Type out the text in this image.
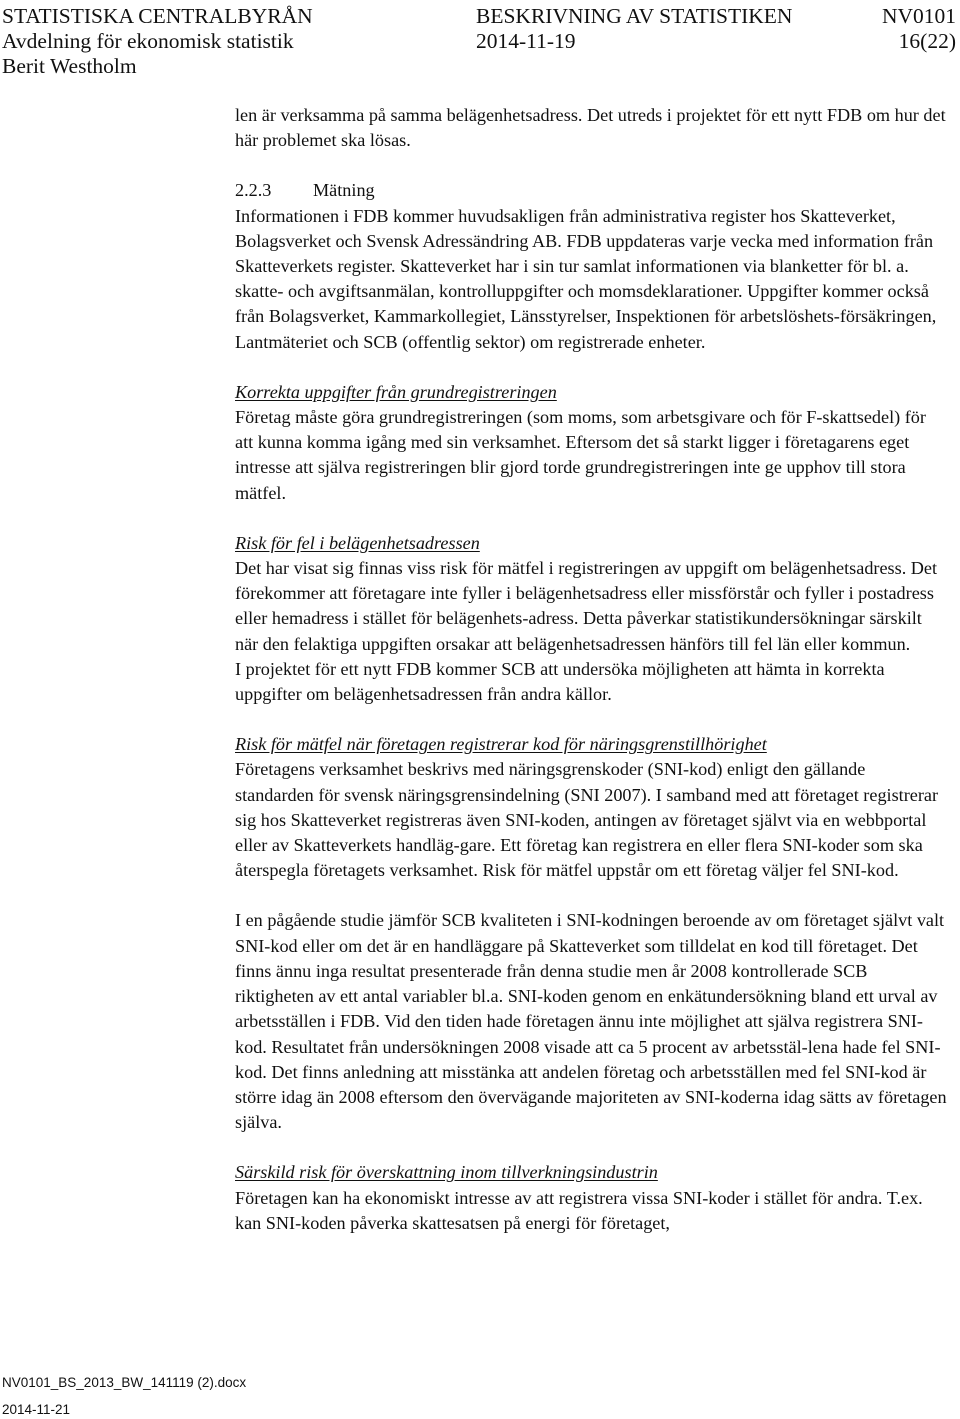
STATISTISKA CENTRALBYRÅN
Avdelning för ekonomisk statistik
Berit Westholm
BESKRIVNING AV STATISTIKEN
2014-11-19
NV0101
16(22)

len är verksamma på samma belägenhetsadress. Det utreds i projektet för ett nytt FDB om hur det här problemet ska lösas.

2.2.3 Mätning

Informationen i FDB kommer huvudsakligen från administrativa register hos Skatteverket, Bolagsverket och Svensk Adressändring AB. FDB uppdateras varje vecka med information från Skatteverkets register. Skatteverket har i sin tur samlat informationen via blanketter för bl. a. skatte- och avgiftsanmälan, kontrolluppgifter och momsdeklarationer. Uppgifter kommer också från Bolagsverket, Kammarkollegiet, Länsstyrelser, Inspektionen för arbetslöshets-försäkringen, Lantmäteriet och SCB (offentlig sektor) om registrerade enheter.

Korrekta uppgifter från grundregistreringen

Företag måste göra grundregistreringen (som moms, som arbetsgivare och för F-skattsedel) för att kunna komma igång med sin verksamhet. Eftersom det så starkt ligger i företagarens eget intresse att själva registreringen blir gjord torde grundregistreringen inte ge upphov till stora mätfel.

Risk för fel i belägenhetsadressen

Det har visat sig finnas viss risk för mätfel i registreringen av uppgift om belägenhetsadress. Det förekommer att företagare inte fyller i belägenhetsadress eller missförstår och fyller i postadress eller hemadress i stället för belägenhets-adress. Detta påverkar statistikundersökningar särskilt när den felaktiga uppgiften orsakar att belägenhetsadressen hänförs till fel län eller kommun.

I projektet för ett nytt FDB kommer SCB att undersöka möjligheten att hämta in korrekta uppgifter om belägenhetsadressen från andra källor.

Risk för mätfel när företagen registrerar kod för näringsgrenstillhörighet

Företagens verksamhet beskrivs med näringsgrenskoder (SNI-kod) enligt den gällande standarden för svensk näringsgrensindelning (SNI 2007). I samband med att företaget registrerar sig hos Skatteverket registreras även SNI-koden, antingen av företaget självt via en webbportal eller av Skatteverkets handläg-gare. Ett företag kan registrera en eller flera SNI-koder som ska återspegla företagets verksamhet. Risk för mätfel uppstår om ett företag väljer fel SNI-kod.

I en pågående studie jämför SCB kvaliteten i SNI-kodningen beroende av om företaget självt valt SNI-kod eller om det är en handläggare på Skatteverket som tilldelat en kod till företaget. Det finns ännu inga resultat presenterade från denna studie men år 2008 kontrollerade SCB riktigheten av ett antal variabler bl.a. SNI-koden genom en enkätundersökning bland ett urval av arbetsställen i FDB. Vid den tiden hade företagen ännu inte möjlighet att själva registrera SNI-kod. Resultatet från undersökningen 2008 visade att ca 5 procent av arbetsstäl-lena hade fel SNI-kod. Det finns anledning att misstänka att andelen företag och arbetsställen med fel SNI-kod är större idag än 2008 eftersom den övervägande majoriteten av SNI-koderna idag sätts av företagen själva.

Särskild risk för överskattning inom tillverkningsindustrin

Företagen kan ha ekonomiskt intresse av att registrera vissa SNI-koder i stället för andra. T.ex. kan SNI-koden påverka skattesatsen på energi för företaget,

NV0101_BS_2013_BW_141119 (2).docx
2014-11-21
